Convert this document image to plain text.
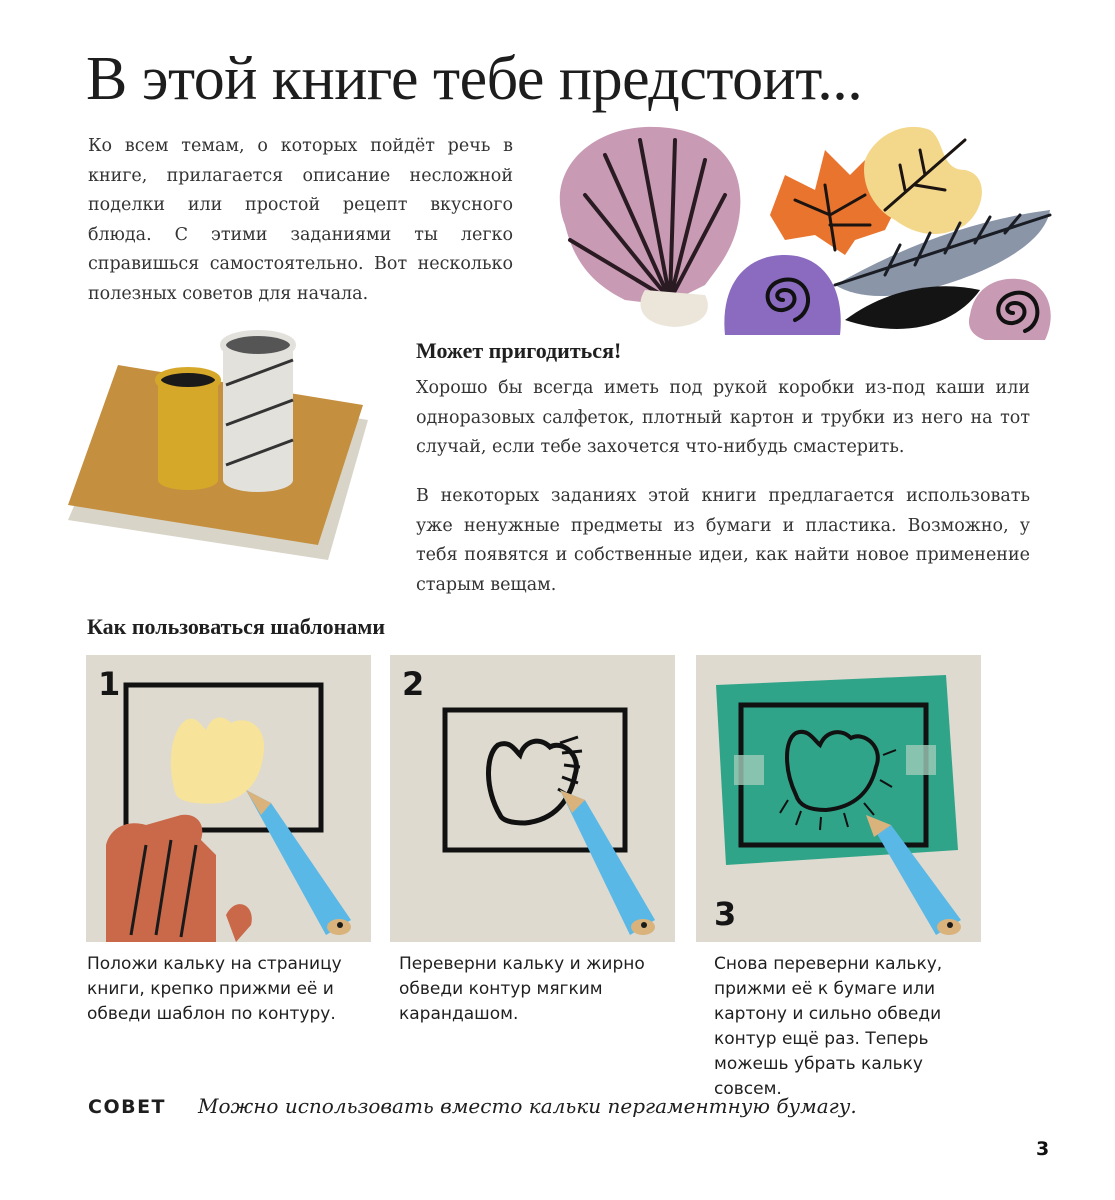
В этой книге тебе предстоит...

Ко всем темам, о которых пойдёт речь в книге, прилагается описание несложной поделки или простой рецепт вкусного блюда. С этими заданиями ты легко справишься самостоятельно. Вот несколько полезных советов для начала.

Может пригодиться!

Хорошо бы всегда иметь под рукой коробки из-под каши или одноразовых салфеток, плотный картон и трубки из него на тот случай, если тебе захочется что-нибудь смастерить.

В некоторых заданиях этой книги предлагается использовать уже ненужные предметы из бумаги и пластика. Возможно, у тебя появятся и собственные идеи, как найти новое применение старым вещам.

Как пользоваться шаблонами
1

Положи кальку на страницу книги, крепко прижми её и обведи шаблон по контуру.

2

Переверни кальку и жирно обведи контур мягким карандашом.

3

Снова переверни кальку, прижми её к бумаге или картону и сильно обведи контур ещё раз. Теперь можешь убрать кальку совсем.

СОВЕТ Можно использовать вместо кальки пергаментную бумагу.
3
